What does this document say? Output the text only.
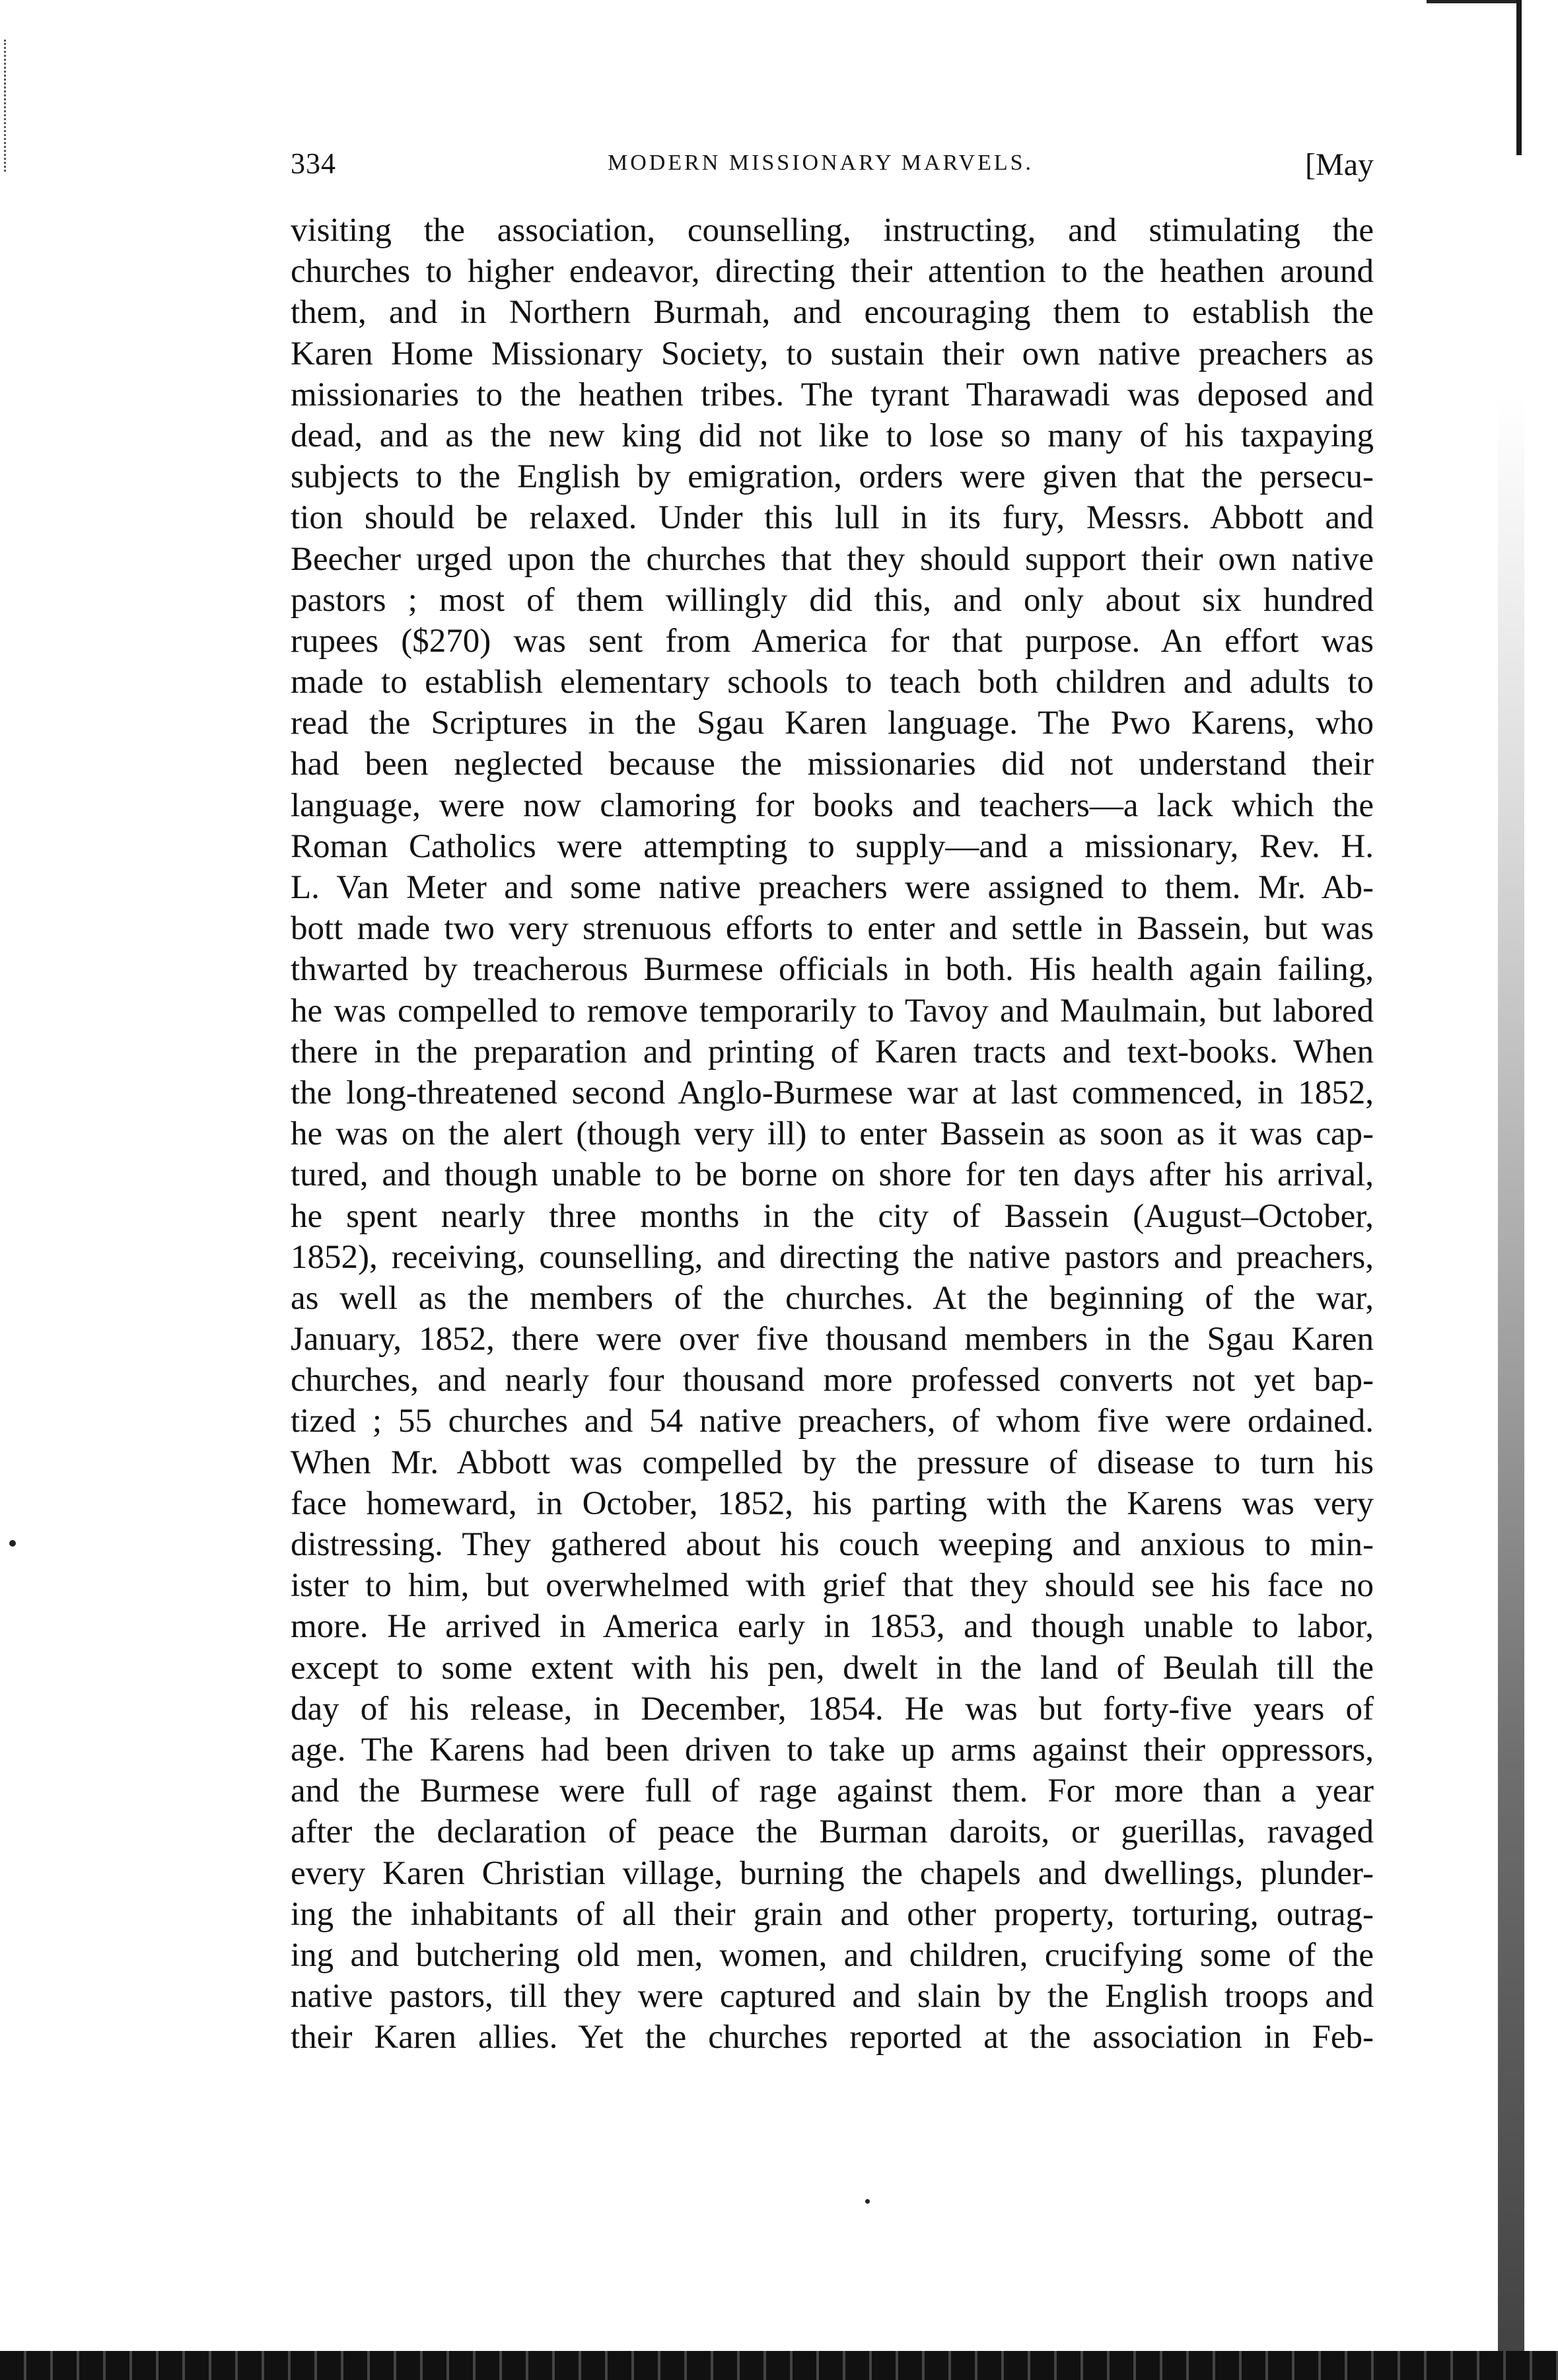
334	MODERN MISSIONARY MARVELS.	[May
visiting the association, counselling, instructing, and stimulating the
churches to higher endeavor, directing their attention to the heathen around
them, and in Northern Burmah, and encouraging them to establish the
Karen Home Missionary Society, to sustain their own native preachers as
missionaries to the heathen tribes. The tyrant Tharawadi was deposed and
dead, and as the new king did not like to lose so many of his taxpaying
subjects to the English by emigration, orders were given that the persecu-
tion should be relaxed. Under this lull in its fury, Messrs. Abbott and
Beecher urged upon the churches that they should support their own native
pastors ; most of them willingly did this, and only about six hundred
rupees ($270) was sent from America for that purpose. An effort was
made to establish elementary schools to teach both children and adults to
read the Scriptures in the Sgau Karen language. The Pwo Karens, who
had been neglected because the missionaries did not understand their
language, were now clamoring for books and teachers—a lack which the
Roman Catholics were attempting to supply—and a missionary, Rev. H.
L. Van Meter and some native preachers were assigned to them. Mr. Ab-
bott made two very strenuous efforts to enter and settle in Bassein, but was
thwarted by treacherous Burmese officials in both. His health again failing,
he was compelled to remove temporarily to Tavoy and Maulmain, but labored
there in the preparation and printing of Karen tracts and text-books. When
the long-threatened second Anglo-Burmese war at last commenced, in 1852,
he was on the alert (though very ill) to enter Bassein as soon as it was cap-
tured, and though unable to be borne on shore for ten days after his arrival,
he spent nearly three months in the city of Bassein (August–October,
1852), receiving, counselling, and directing the native pastors and preachers,
as well as the members of the churches. At the beginning of the war,
January, 1852, there were over five thousand members in the Sgau Karen
churches, and nearly four thousand more professed converts not yet bap-
tized ; 55 churches and 54 native preachers, of whom five were ordained.
When Mr. Abbott was compelled by the pressure of disease to turn his
face homeward, in October, 1852, his parting with the Karens was very
distressing. They gathered about his couch weeping and anxious to min-
ister to him, but overwhelmed with grief that they should see his face no
more. He arrived in America early in 1853, and though unable to labor,
except to some extent with his pen, dwelt in the land of Beulah till the
day of his release, in December, 1854. He was but forty-five years of
age. The Karens had been driven to take up arms against their oppressors,
and the Burmese were full of rage against them. For more than a year
after the declaration of peace the Burman daroits, or guerillas, ravaged
every Karen Christian village, burning the chapels and dwellings, plunder-
ing the inhabitants of all their grain and other property, torturing, outrag-
ing and butchering old men, women, and children, crucifying some of the
native pastors, till they were captured and slain by the English troops and
their Karen allies. Yet the churches reported at the association in Feb-
